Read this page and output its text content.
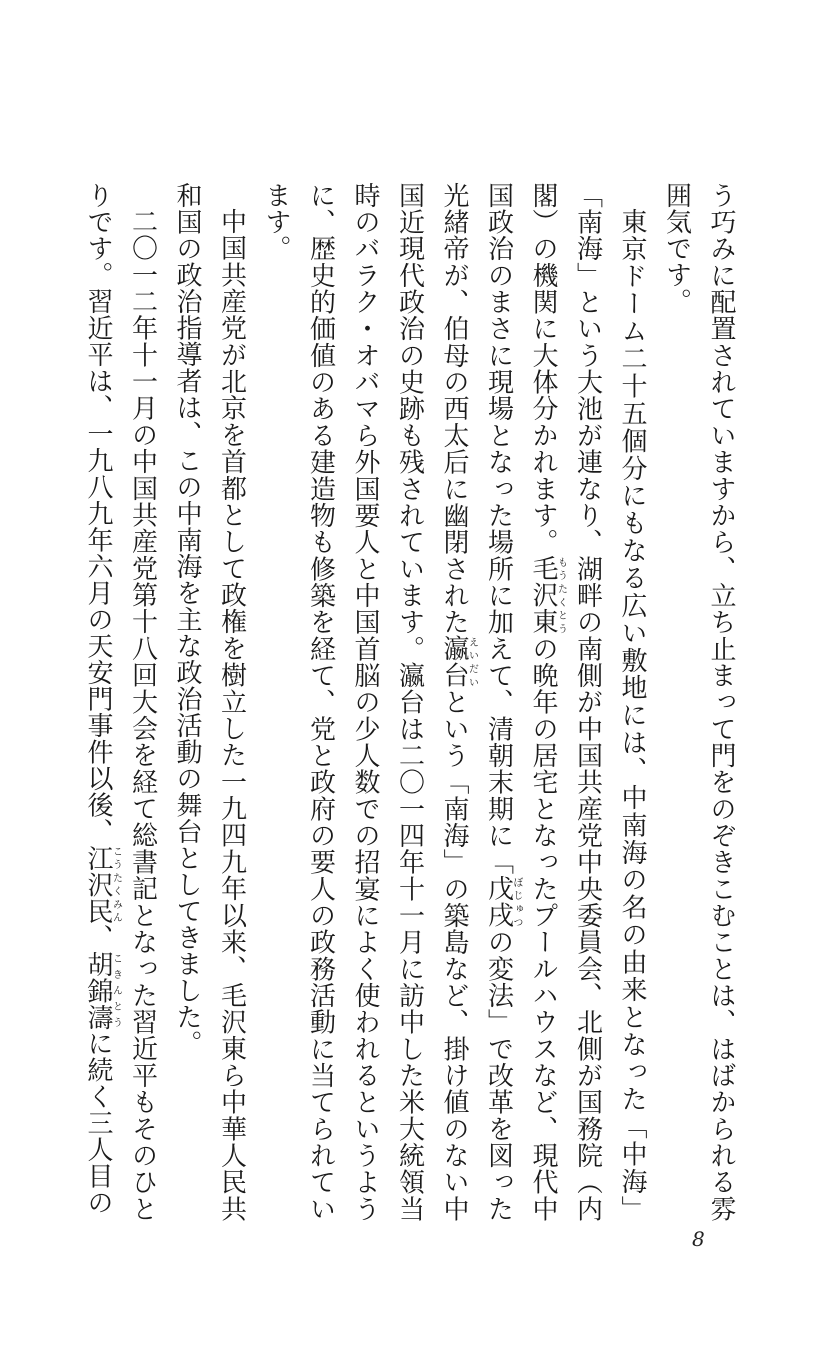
う巧みに配置されていますから、立ち止まって門をのぞきこむことは、はばかられる雰囲気です。

東京ドーム二十五個分にもなる広い敷地には、中南海の名の由来となった「中海」「南海」という大池が連なり、湖畔の南側が中国共産党中央委員会、北側が国務院（内閣）の機関に大体分かれます。毛沢東もうたくとうの晩年の居宅となったプールハウスなど、現代中国政治のまさに現場となった場所に加えて、清朝末期に「戊戌ぼじゅつの変法」で改革を図った光緒帝が、伯母の西太后に幽閉された瀛台えいだいという「南海」の築島など、掛け値のない中国近現代政治の史跡も残されています。瀛台は二〇一四年十一月に訪中した米大統領当時のバラク・オバマら外国要人と中国首脳の少人数での招宴によく使われるというように、歴史的価値のある建造物も修築を経て、党と政府の要人の政務活動に当てられています。

中国共産党が北京を首都として政権を樹立した一九四九年以来、毛沢東ら中華人民共和国の政治指導者は、この中南海を主な政治活動の舞台としてきました。

二〇一二年十一月の中国共産党第十八回大会を経て総書記となった習近平もそのひとりです。習近平は、一九八九年六月の天安門事件以後、江沢民こうたくみん、胡錦濤こきんとうに続く三人目の

8
